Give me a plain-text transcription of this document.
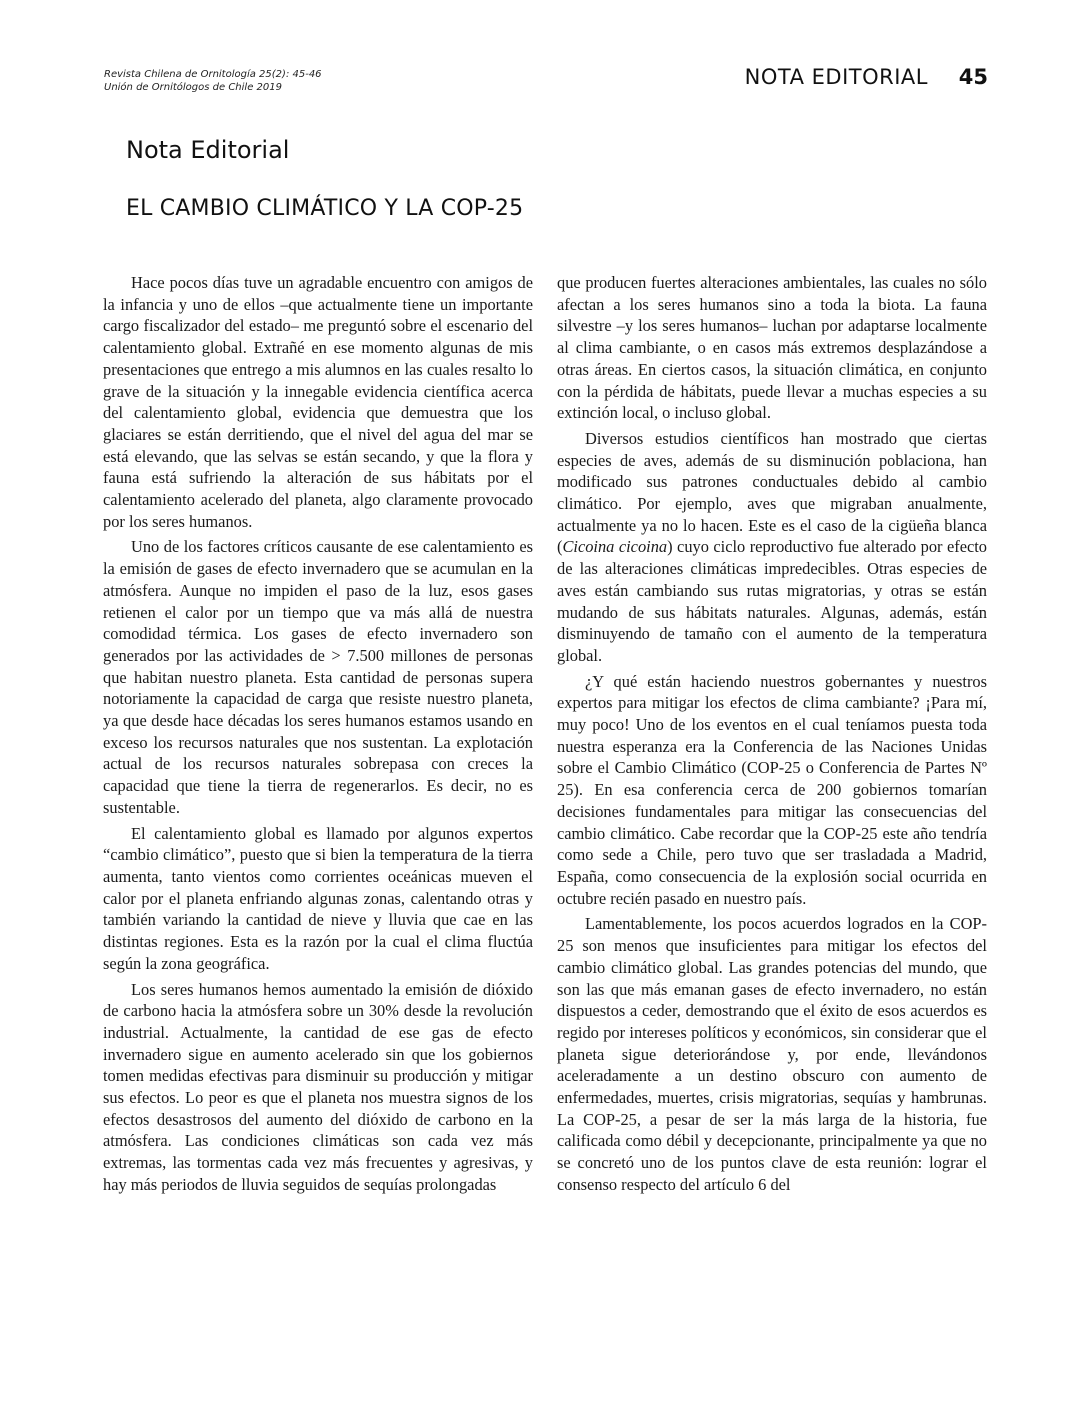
Revista Chilena de Ornitología 25(2): 45-46
Unión de Ornitólogos de Chile 2019	NOTA EDITORIAL 45
Nota Editorial
EL CAMBIO CLIMÁTICO Y LA COP-25

Hace pocos días tuve un agradable encuentro con amigos de la infancia y uno de ellos –que actualmente tiene un importante cargo fiscalizador del estado– me preguntó sobre el escenario del calentamiento global. Extrañé en ese momento algunas de mis presentaciones que entrego a mis alumnos en las cuales resalto lo grave de la situación y la innegable evidencia científica acerca del calentamiento global, evidencia que demuestra que los glaciares se están derritiendo, que el nivel del agua del mar se está elevando, que las selvas se están secando, y que la flora y fauna está sufriendo la alteración de sus hábitats por el calentamiento acelerado del planeta, algo claramente provocado por los seres humanos.

Uno de los factores críticos causante de ese calentamiento es la emisión de gases de efecto invernadero que se acumulan en la atmósfera. Aunque no impiden el paso de la luz, esos gases retienen el calor por un tiempo que va más allá de nuestra comodidad térmica. Los gases de efecto invernadero son generados por las actividades de > 7.500 millones de personas que habitan nuestro planeta. Esta cantidad de personas supera notoriamente la capacidad de carga que resiste nuestro planeta, ya que desde hace décadas los seres humanos estamos usando en exceso los recursos naturales que nos sustentan. La explotación actual de los recursos naturales sobrepasa con creces la capacidad que tiene la tierra de regenerarlos. Es decir, no es sustentable.

El calentamiento global es llamado por algunos expertos “cambio climático”, puesto que si bien la temperatura de la tierra aumenta, tanto vientos como corrientes oceánicas mueven el calor por el planeta enfriando algunas zonas, calentando otras y también variando la cantidad de nieve y lluvia que cae en las distintas regiones. Esta es la razón por la cual el clima fluctúa según la zona geográfica.

Los seres humanos hemos aumentado la emisión de dióxido de carbono hacia la atmósfera sobre un 30% desde la revolución industrial. Actualmente, la cantidad de ese gas de efecto invernadero sigue en aumento acelerado sin que los gobiernos tomen medidas efectivas para disminuir su producción y mitigar sus efectos. Lo peor es que el planeta nos muestra signos de los efectos desastrosos del aumento del dióxido de carbono en la atmósfera. Las condiciones climáticas son cada vez más extremas, las tormentas cada vez más frecuentes y agresivas, y hay más periodos de lluvia seguidos de sequías prolongadas

que producen fuertes alteraciones ambientales, las cuales no sólo afectan a los seres humanos sino a toda la biota. La fauna silvestre –y los seres humanos– luchan por adaptarse localmente al clima cambiante, o en casos más extremos desplazándose a otras áreas. En ciertos casos, la situación climática, en conjunto con la pérdida de hábitats, puede llevar a muchas especies a su extinción local, o incluso global.

Diversos estudios científicos han mostrado que ciertas especies de aves, además de su disminución poblaciona, han modificado sus patrones conductuales debido al cambio climático. Por ejemplo, aves que migraban anualmente, actualmente ya no lo hacen. Este es el caso de la cigüeña blanca (Cicoina cicoina) cuyo ciclo reproductivo fue alterado por efecto de las alteraciones climáticas impredecibles. Otras especies de aves están cambiando sus rutas migratorias, y otras se están mudando de sus hábitats naturales. Algunas, además, están disminuyendo de tamaño con el aumento de la temperatura global.

¿Y qué están haciendo nuestros gobernantes y nuestros expertos para mitigar los efectos de clima cambiante? ¡Para mí, muy poco! Uno de los eventos en el cual teníamos puesta toda nuestra esperanza era la Conferencia de las Naciones Unidas sobre el Cambio Climático (COP-25 o Conferencia de Partes Nº 25). En esa conferencia cerca de 200 gobiernos tomarían decisiones fundamentales para mitigar las consecuencias del cambio climático. Cabe recordar que la COP-25 este año tendría como sede a Chile, pero tuvo que ser trasladada a Madrid, España, como consecuencia de la explosión social ocurrida en octubre recién pasado en nuestro país.

Lamentablemente, los pocos acuerdos logrados en la COP-25 son menos que insuficientes para mitigar los efectos del cambio climático global. Las grandes potencias del mundo, que son las que más emanan gases de efecto invernadero, no están dispuestos a ceder, demostrando que el éxito de esos acuerdos es regido por intereses políticos y económicos, sin considerar que el planeta sigue deteriorándose y, por ende, llevándonos aceleradamente a un destino obscuro con aumento de enfermedades, muertes, crisis migratorias, sequías y hambrunas. La COP-25, a pesar de ser la más larga de la historia, fue calificada como débil y decepcionante, principalmente ya que no se concretó uno de los puntos clave de esta reunión: lograr el consenso respecto del artículo 6 del
